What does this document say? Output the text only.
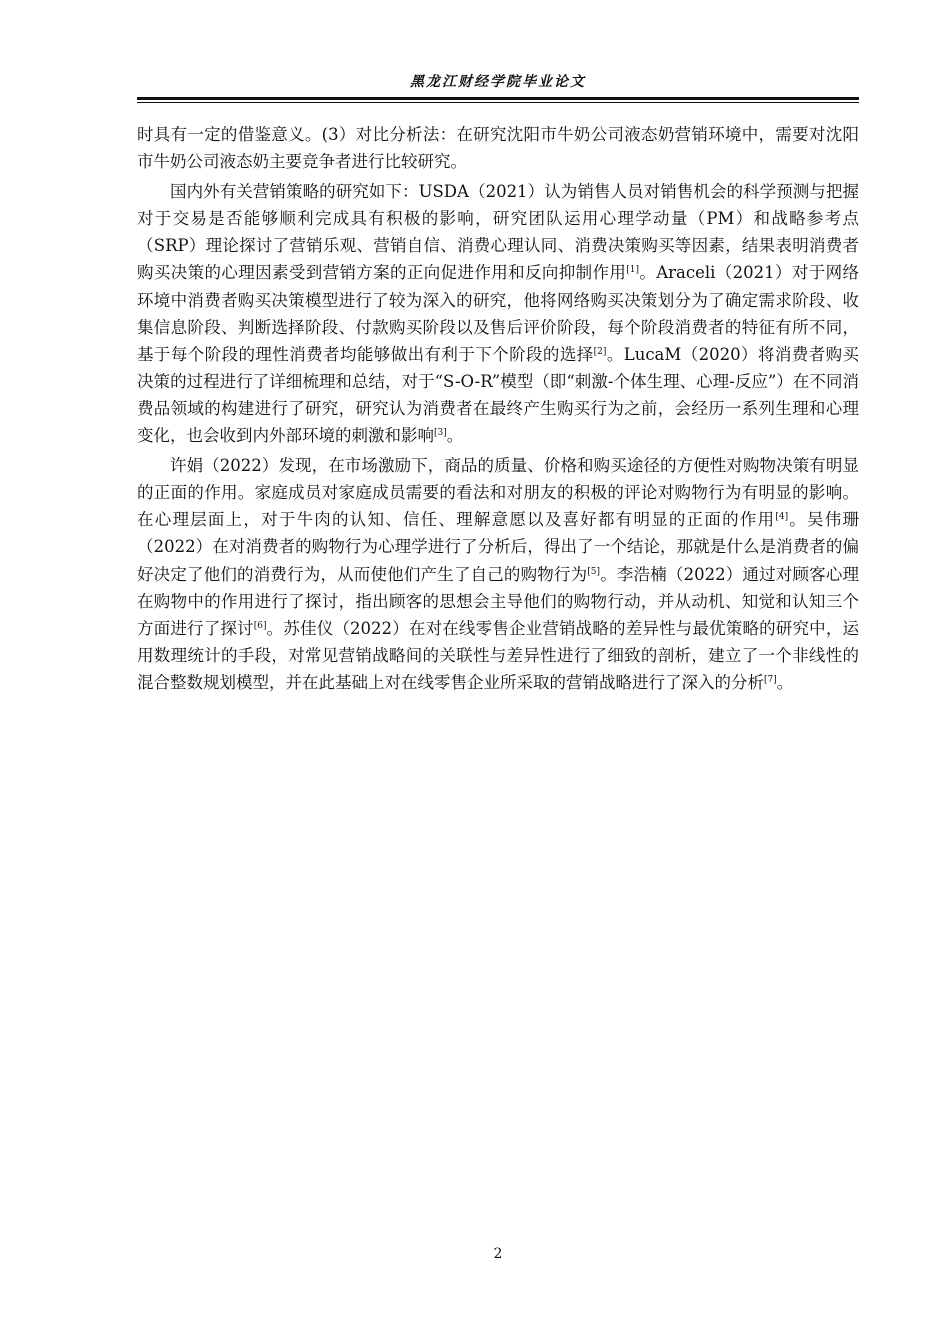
黑龙江财经学院毕业论文

时具有一定的借鉴意义。(3）对比分析法：在研究沈阳市牛奶公司液态奶营销环境中，需要对沈阳市牛奶公司液态奶主要竞争者进行比较研究。

国内外有关营销策略的研究如下：USDA（2021）认为销售人员对销售机会的科学预测与把握对于交易是否能够顺利完成具有积极的影响，研究团队运用心理学动量（PM）和战略参考点（SRP）理论探讨了营销乐观、营销自信、消费心理认同、消费决策购买等因素，结果表明消费者购买决策的心理因素受到营销方案的正向促进作用和反向抑制作用[1]。Araceli（2021）对于网络环境中消费者购买决策模型进行了较为深入的研究，他将网络购买决策划分为了确定需求阶段、收集信息阶段、判断选择阶段、付款购买阶段以及售后评价阶段，每个阶段消费者的特征有所不同，基于每个阶段的理性消费者均能够做出有利于下个阶段的选择[2]。LucaM（2020）将消费者购买决策的过程进行了详细梳理和总结，对于“S-O-R”模型（即“刺激-个体生理、心理-反应”）在不同消费品领域的构建进行了研究，研究认为消费者在最终产生购买行为之前，会经历一系列生理和心理变化，也会收到内外部环境的刺激和影响[3]。

许娟（2022）发现，在市场激励下，商品的质量、价格和购买途径的方便性对购物决策有明显的正面的作用。家庭成员对家庭成员需要的看法和对朋友的积极的评论对购物行为有明显的影响。在心理层面上，对于牛肉的认知、信任、理解意愿以及喜好都有明显的正面的作用[4]。吴伟珊（2022）在对消费者的购物行为心理学进行了分析后，得出了一个结论，那就是什么是消费者的偏好决定了他们的消费行为，从而使他们产生了自己的购物行为[5]。李浩楠（2022）通过对顾客心理在购物中的作用进行了探讨，指出顾客的思想会主导他们的购物行动，并从动机、知觉和认知三个方面进行了探讨[6]。苏佳仪（2022）在对在线零售企业营销战略的差异性与最优策略的研究中，运用数理统计的手段，对常见营销战略间的关联性与差异性进行了细致的剖析，建立了一个非线性的混合整数规划模型，并在此基础上对在线零售企业所采取的营销战略进行了深入的分析[7]。

2
